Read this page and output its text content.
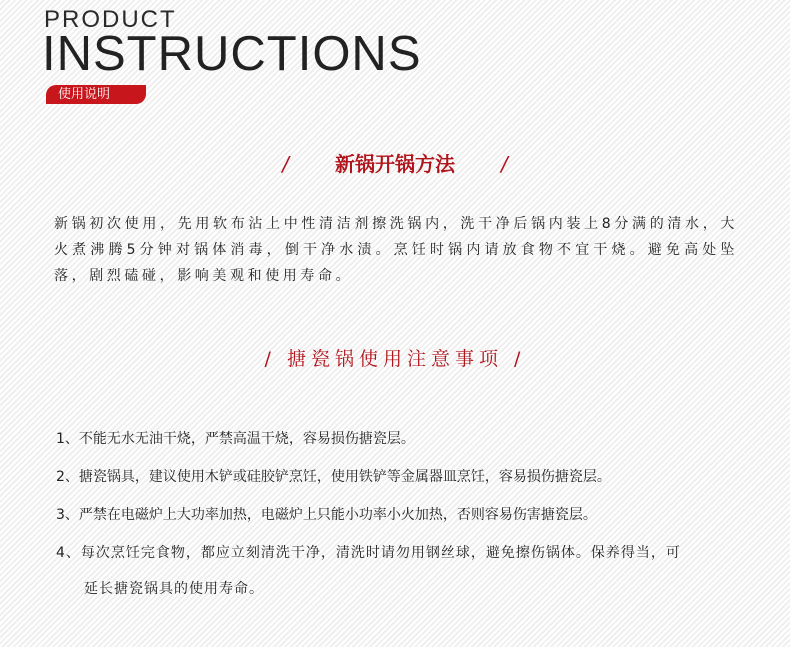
PRODUCT
INSTRUCTIONS
使用说明
/ 新锅开锅方法 /

新锅初次使用，先用软布沾上中性清洁剂擦洗锅内，洗干净后锅内装上8分满的清水，大火煮沸腾5分钟对锅体消毒，倒干净水渍。烹饪时锅内请放食物不宜干烧。避免高处坠落，剧烈磕碰，影响美观和使用寿命。

/ 搪瓷锅使用注意事项 /
1、不能无水无油干烧，严禁高温干烧，容易损伤搪瓷层。
2、搪瓷锅具，建议使用木铲或硅胶铲烹饪，使用铁铲等金属器皿烹饪，容易损伤搪瓷层。
3、严禁在电磁炉上大功率加热，电磁炉上只能小功率小火加热，否则容易伤害搪瓷层。
4、每次烹饪完食物，都应立刻清洗干净，清洗时请勿用钢丝球，避免擦伤锅体。保养得当，可
延长搪瓷锅具的使用寿命。
